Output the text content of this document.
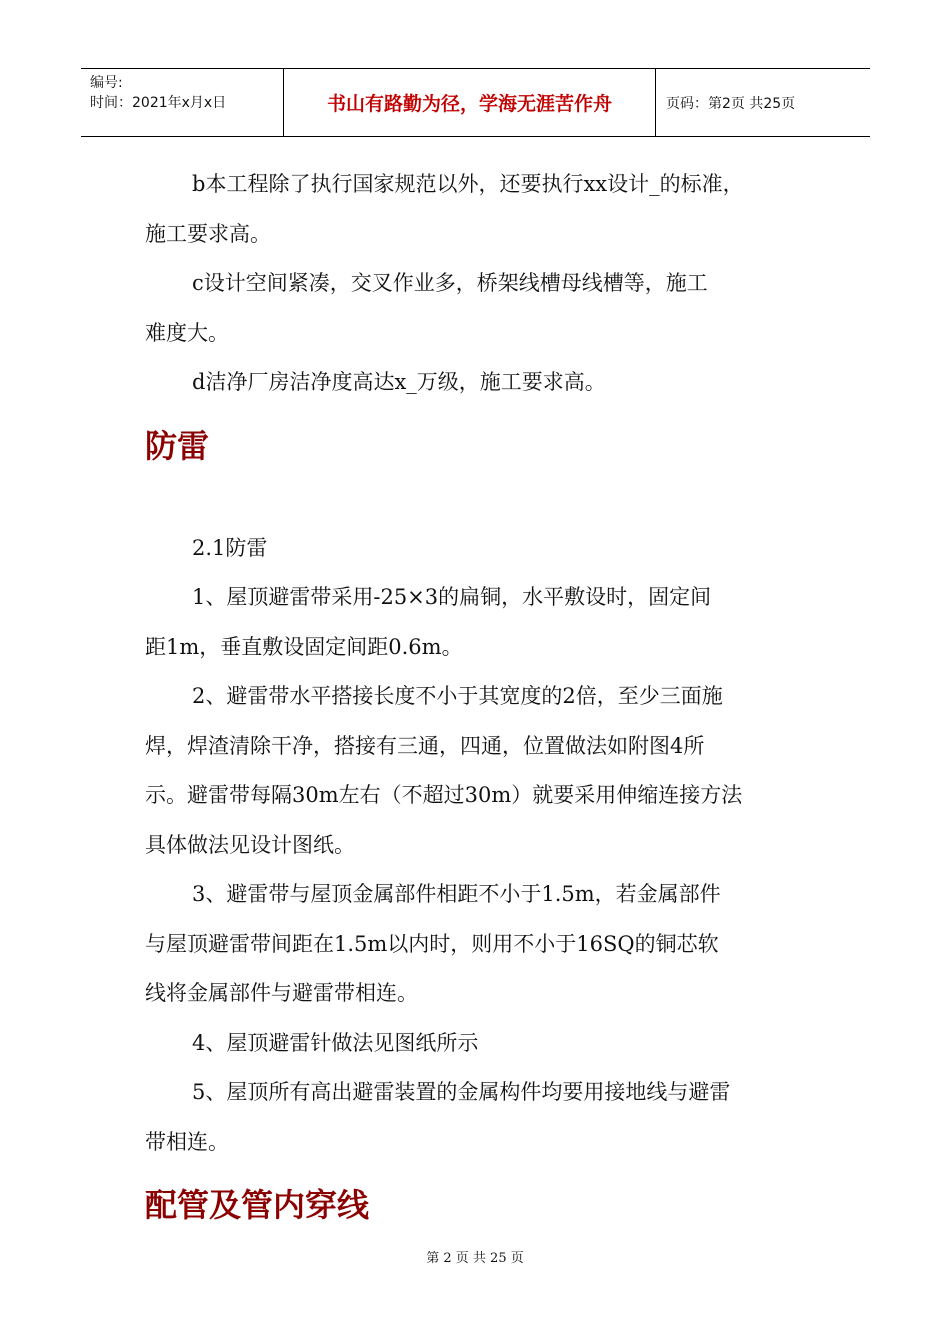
编号:
时间：2021年x月x日	书山有路勤为径，学海无涯苦作舟	页码：第2页 共25页

b本工程除了执行国家规范以外，还要执行xx设计_的标准，
施工要求高。

c设计空间紧凑，交叉作业多，桥架线槽母线槽等，施工
难度大。

d洁净厂房洁净度高达x_万级，施工要求高。

防雷

2.1防雷

1、屋顶避雷带采用-25×3的扁铜，水平敷设时，固定间
距1m，垂直敷设固定间距0.6m。

2、避雷带水平搭接长度不小于其宽度的2倍，至少三面施
焊，焊渣清除干净，搭接有三通，四通，位置做法如附图4所
示。避雷带每隔30m左右（不超过30m）就要采用伸缩连接方法
具体做法见设计图纸。

3、避雷带与屋顶金属部件相距不小于1.5m，若金属部件
与屋顶避雷带间距在1.5m以内时，则用不小于16SQ的铜芯软
线将金属部件与避雷带相连。

4、屋顶避雷针做法见图纸所示

5、屋顶所有高出避雷装置的金属构件均要用接地线与避雷
带相连。

配管及管内穿线
第 2 页 共 25 页
